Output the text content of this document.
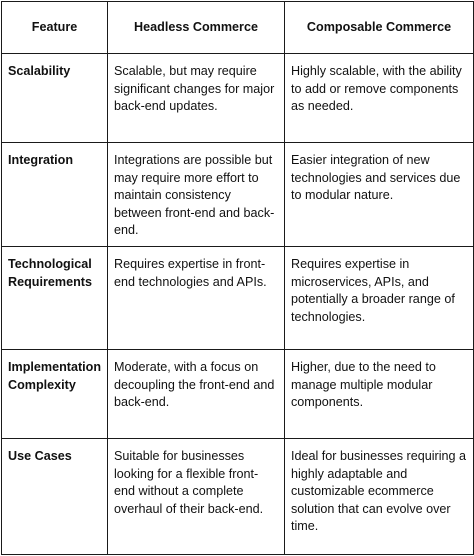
Feature	Headless Commerce	Composable Commerce
Scalability	Scalable, but may require significant changes for major back-end updates.	Highly scalable, with the ability to add or remove components as needed.
Integration	Integrations are possible but may require more effort to maintain consistency between front-end and back-end.	Easier integration of new technologies and services due to modular nature.
Technological Requirements	Requires expertise in front-end technologies and APIs.	Requires expertise in microservices, APIs, and potentially a broader range of technologies.
Implementation Complexity	Moderate, with a focus on decoupling the front-end and back-end.	Higher, due to the need to manage multiple modular components.
Use Cases	Suitable for businesses looking for a flexible front-end without a complete overhaul of their back-end.	Ideal for businesses requiring a highly adaptable and customizable ecommerce solution that can evolve over time.
